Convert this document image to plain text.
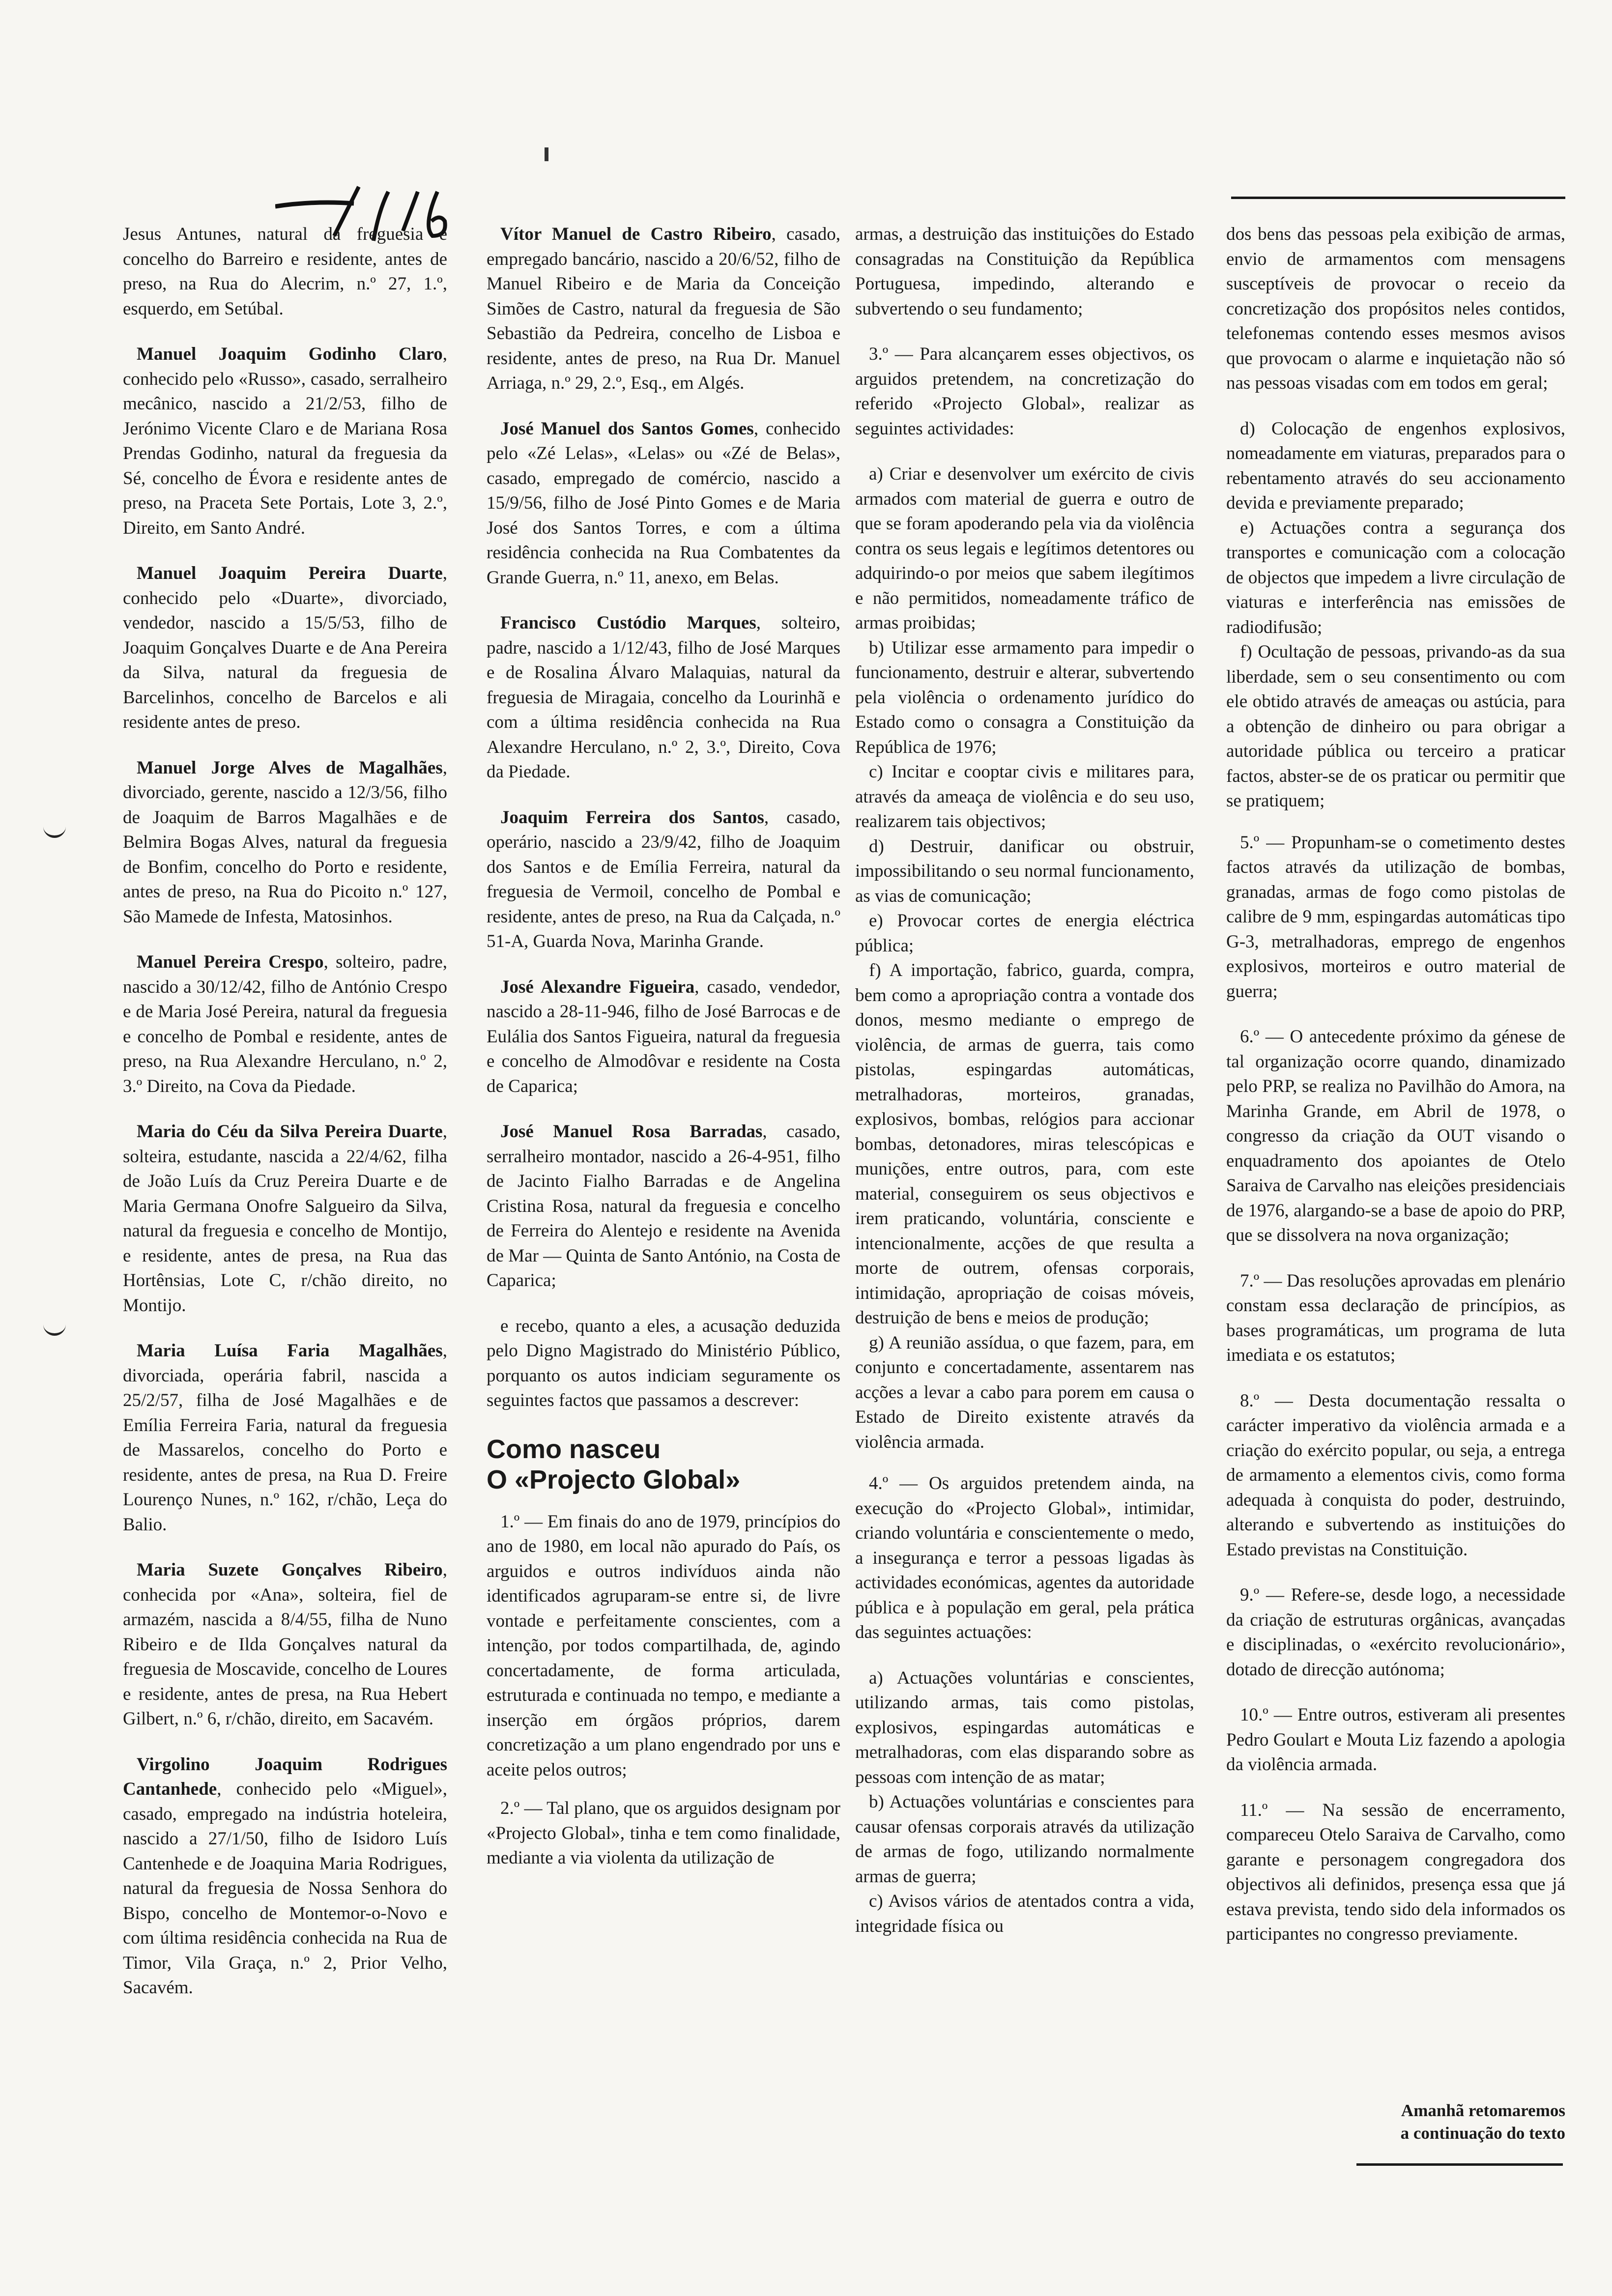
Jesus Antunes, natural da freguesia e concelho do Barreiro e residente, antes de preso, na Rua do Alecrim, n.º 27, 1.º, esquerdo, em Setúbal.

Manuel Joaquim Godinho Claro, conhecido pelo «Russo», casado, serralheiro mecânico, nascido a 21/2/53, filho de Jerónimo Vicente Claro e de Mariana Rosa Prendas Godinho, natural da freguesia da Sé, concelho de Évora e residente antes de preso, na Praceta Sete Portais, Lote 3, 2.º, Direito, em Santo André.

Manuel Joaquim Pereira Duarte, conhecido pelo «Duarte», divorciado, vendedor, nascido a 15/5/53, filho de Joaquim Gonçalves Duarte e de Ana Pereira da Silva, natural da freguesia de Barcelinhos, concelho de Barcelos e ali residente antes de preso.

Manuel Jorge Alves de Magalhães, divorciado, gerente, nascido a 12/3/56, filho de Joaquim de Barros Magalhães e de Belmira Bogas Alves, natural da freguesia de Bonfim, concelho do Porto e residente, antes de preso, na Rua do Picoito n.º 127, São Mamede de Infesta, Matosinhos.

Manuel Pereira Crespo, solteiro, padre, nascido a 30/12/42, filho de António Crespo e de Maria José Pereira, natural da freguesia e concelho de Pombal e residente, antes de preso, na Rua Alexandre Herculano, n.º 2, 3.º Direito, na Cova da Piedade.

Maria do Céu da Silva Pereira Duarte, solteira, estudante, nascida a 22/4/62, filha de João Luís da Cruz Pereira Duarte e de Maria Germana Onofre Salgueiro da Silva, natural da freguesia e concelho de Montijo, e residente, antes de presa, na Rua das Hortênsias, Lote C, r/chão direito, no Montijo.

Maria Luísa Faria Magalhães, divorciada, operária fabril, nascida a 25/2/57, filha de José Magalhães e de Emília Ferreira Faria, natural da freguesia de Massarelos, concelho do Porto e residente, antes de presa, na Rua D. Freire Lourenço Nunes, n.º 162, r/chão, Leça do Balio.

Maria Suzete Gonçalves Ribeiro, conhecida por «Ana», solteira, fiel de armazém, nascida a 8/4/55, filha de Nuno Ribeiro e de Ilda Gonçalves natural da freguesia de Moscavide, concelho de Loures e residente, antes de presa, na Rua Hebert Gilbert, n.º 6, r/chão, direito, em Sacavém.

Virgolino Joaquim Rodrigues Cantanhede, conhecido pelo «Miguel», casado, empregado na indústria hoteleira, nascido a 27/1/50, filho de Isidoro Luís Cantenhede e de Joaquina Maria Rodrigues, natural da freguesia de Nossa Senhora do Bispo, concelho de Montemor-o-Novo e com última residência conhecida na Rua de Timor, Vila Graça, n.º 2, Prior Velho, Sacavém.

Vítor Manuel de Castro Ribeiro, casado, empregado bancário, nascido a 20/6/52, filho de Manuel Ribeiro e de Maria da Conceição Simões de Castro, natural da freguesia de São Sebastião da Pedreira, concelho de Lisboa e residente, antes de preso, na Rua Dr. Manuel Arriaga, n.º 29, 2.º, Esq., em Algés.

José Manuel dos Santos Gomes, conhecido pelo «Zé Lelas», «Lelas» ou «Zé de Belas», casado, empregado de comércio, nascido a 15/9/56, filho de José Pinto Gomes e de Maria José dos Santos Torres, e com a última residência conhecida na Rua Combatentes da Grande Guerra, n.º 11, anexo, em Belas.

Francisco Custódio Marques, solteiro, padre, nascido a 1/12/43, filho de José Marques e de Rosalina Álvaro Malaquias, natural da freguesia de Miragaia, concelho da Lourinhã e com a última residência conhecida na Rua Alexandre Herculano, n.º 2, 3.º, Direito, Cova da Piedade.

Joaquim Ferreira dos Santos, casado, operário, nascido a 23/9/42, filho de Joaquim dos Santos e de Emília Ferreira, natural da freguesia de Vermoil, concelho de Pombal e residente, antes de preso, na Rua da Calçada, n.º 51-A, Guarda Nova, Marinha Grande.

José Alexandre Figueira, casado, vendedor, nascido a 28-11-946, filho de José Barrocas e de Eulália dos Santos Figueira, natural da freguesia e concelho de Almodôvar e residente na Costa de Caparica;

José Manuel Rosa Barradas, casado, serralheiro montador, nascido a 26-4-951, filho de Jacinto Fialho Barradas e de Angelina Cristina Rosa, natural da freguesia e concelho de Ferreira do Alentejo e residente na Avenida de Mar — Quinta de Santo António, na Costa de Caparica;

e recebo, quanto a eles, a acusação deduzida pelo Digno Magistrado do Ministério Público, porquanto os autos indiciam seguramente os seguintes factos que passamos a descrever:

Como nasceu
O «Projecto Global»

1.º — Em finais do ano de 1979, princípios do ano de 1980, em local não apurado do País, os arguidos e outros indivíduos ainda não identificados agruparam-se entre si, de livre vontade e perfeitamente conscientes, com a intenção, por todos compartilhada, de, agindo concertadamente, de forma articulada, estruturada e continuada no tempo, e mediante a inserção em órgãos próprios, darem concretização a um plano engendrado por uns e aceite pelos outros;

2.º — Tal plano, que os arguidos designam por «Projecto Global», tinha e tem como finalidade, mediante a via violenta da utilização de

armas, a destruição das instituições do Estado consagradas na Constituição da República Portuguesa, impedindo, alterando e subvertendo o seu fundamento;

3.º — Para alcançarem esses objectivos, os arguidos pretendem, na concretização do referido «Projecto Global», realizar as seguintes actividades:

a) Criar e desenvolver um exército de civis armados com material de guerra e outro de que se foram apoderando pela via da violência contra os seus legais e legítimos detentores ou adquirindo-o por meios que sabem ilegítimos e não permitidos, nomeadamente tráfico de armas proibidas;

b) Utilizar esse armamento para impedir o funcionamento, destruir e alterar, subvertendo pela violência o ordenamento jurídico do Estado como o consagra a Constituição da República de 1976;

c) Incitar e cooptar civis e militares para, através da ameaça de violência e do seu uso, realizarem tais objectivos;

d) Destruir, danificar ou obstruir, impossibilitando o seu normal funcionamento, as vias de comunicação;

e) Provocar cortes de energia eléctrica pública;

f) A importação, fabrico, guarda, compra, bem como a apropriação contra a vontade dos donos, mesmo mediante o emprego de violência, de armas de guerra, tais como pistolas, espingardas automáticas, metralhadoras, morteiros, granadas, explosivos, bombas, relógios para accionar bombas, detonadores, miras telescópicas e munições, entre outros, para, com este material, conseguirem os seus objectivos e irem praticando, voluntária, consciente e intencionalmente, acções de que resulta a morte de outrem, ofensas corporais, intimidação, apropriação de coisas móveis, destruição de bens e meios de produção;

g) A reunião assídua, o que fazem, para, em conjunto e concertadamente, assentarem nas acções a levar a cabo para porem em causa o Estado de Direito existente através da violência armada.

4.º — Os arguidos pretendem ainda, na execução do «Projecto Global», intimidar, criando voluntária e conscientemente o medo, a insegurança e terror a pessoas ligadas às actividades económicas, agentes da autoridade pública e à população em geral, pela prática das seguintes actuações:

a) Actuações voluntárias e conscientes, utilizando armas, tais como pistolas, explosivos, espingardas automáticas e metralhadoras, com elas disparando sobre as pessoas com intenção de as matar;

b) Actuações voluntárias e conscientes para causar ofensas corporais através da utilização de armas de fogo, utilizando normalmente armas de guerra;

c) Avisos vários de atentados contra a vida, integridade física ou

dos bens das pessoas pela exibição de armas, envio de armamentos com mensagens susceptíveis de provocar o receio da concretização dos propósitos neles contidos, telefonemas contendo esses mesmos avisos que provocam o alarme e inquietação não só nas pessoas visadas com em todos em geral;

d) Colocação de engenhos explosivos, nomeadamente em viaturas, preparados para o rebentamento através do seu accionamento devida e previamente preparado;

e) Actuações contra a segurança dos transportes e comunicação com a colocação de objectos que impedem a livre circulação de viaturas e interferência nas emissões de radiodifusão;

f) Ocultação de pessoas, privando-as da sua liberdade, sem o seu consentimento ou com ele obtido através de ameaças ou astúcia, para a obtenção de dinheiro ou para obrigar a autoridade pública ou terceiro a praticar factos, abster-se de os praticar ou permitir que se pratiquem;

5.º — Propunham-se o cometimento destes factos através da utilização de bombas, granadas, armas de fogo como pistolas de calibre de 9 mm, espingardas automáticas tipo G-3, metralhadoras, emprego de engenhos explosivos, morteiros e outro material de guerra;

6.º — O antecedente próximo da génese de tal organização ocorre quando, dinamizado pelo PRP, se realiza no Pavilhão do Amora, na Marinha Grande, em Abril de 1978, o congresso da criação da OUT visando o enquadramento dos apoiantes de Otelo Saraiva de Carvalho nas eleições presidenciais de 1976, alargando-se a base de apoio do PRP, que se dissolvera na nova organização;

7.º — Das resoluções aprovadas em plenário constam essa declaração de princípios, as bases programáticas, um programa de luta imediata e os estatutos;

8.º — Desta documentação ressalta o carácter imperativo da violência armada e a criação do exército popular, ou seja, a entrega de armamento a elementos civis, como forma adequada à conquista do poder, destruindo, alterando e subvertendo as instituições do Estado previstas na Constituição.

9.º — Refere-se, desde logo, a necessidade da criação de estruturas orgânicas, avançadas e disciplinadas, o «exército revolucionário», dotado de direcção autónoma;

10.º — Entre outros, estiveram ali presentes Pedro Goulart e Mouta Liz fazendo a apologia da violência armada.

11.º — Na sessão de encerramento, compareceu Otelo Saraiva de Carvalho, como garante e personagem congregadora dos objectivos ali definidos, presença essa que já estava prevista, tendo sido dela informados os participantes no congresso previamente.

Amanhã retomaremos
a continuação do texto
